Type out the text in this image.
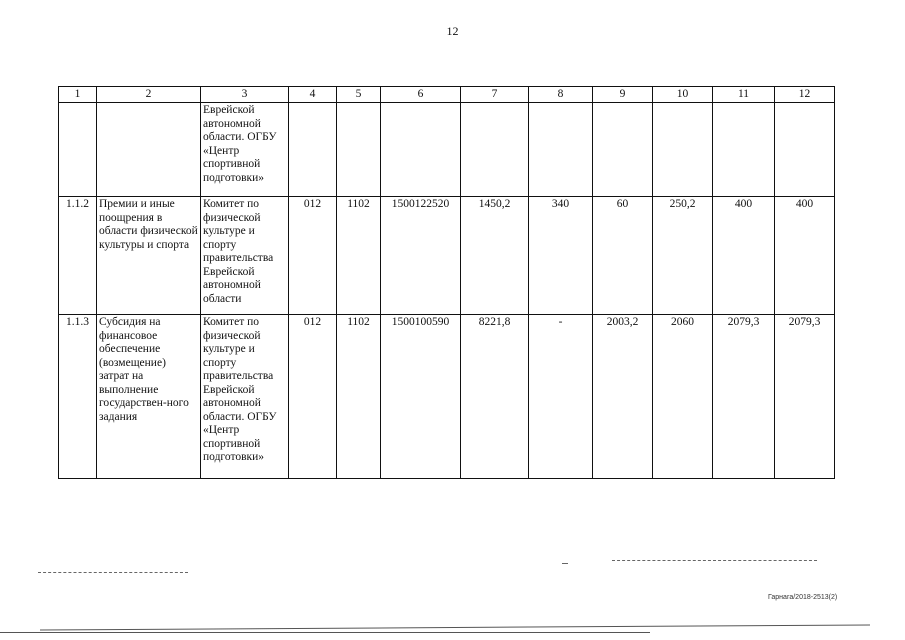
12
1	2	3	4	5	6	7	8	9	10	11	12
		Еврейской автономной области. ОГБУ «Центр спортивной подготовки»									
1.1.2	Премии и иные поощрения в области физической культуры и спорта	Комитет по физической культуре и спорту правительства Еврейской автономной области	012	1102	1500122520	1450,2	340	60	250,2	400	400
1.1.3	Субсидия на финансовое обеспечение (возмещение) затрат на выполнение государствен-ного задания	Комитет по физической культуре и спорту правительства Еврейской автономной области. ОГБУ «Центр спортивной подготовки»	012	1102	1500100590	8221,8	-	2003,2	2060	2079,3	2079,3
Гарнага/2018-2513(2)
